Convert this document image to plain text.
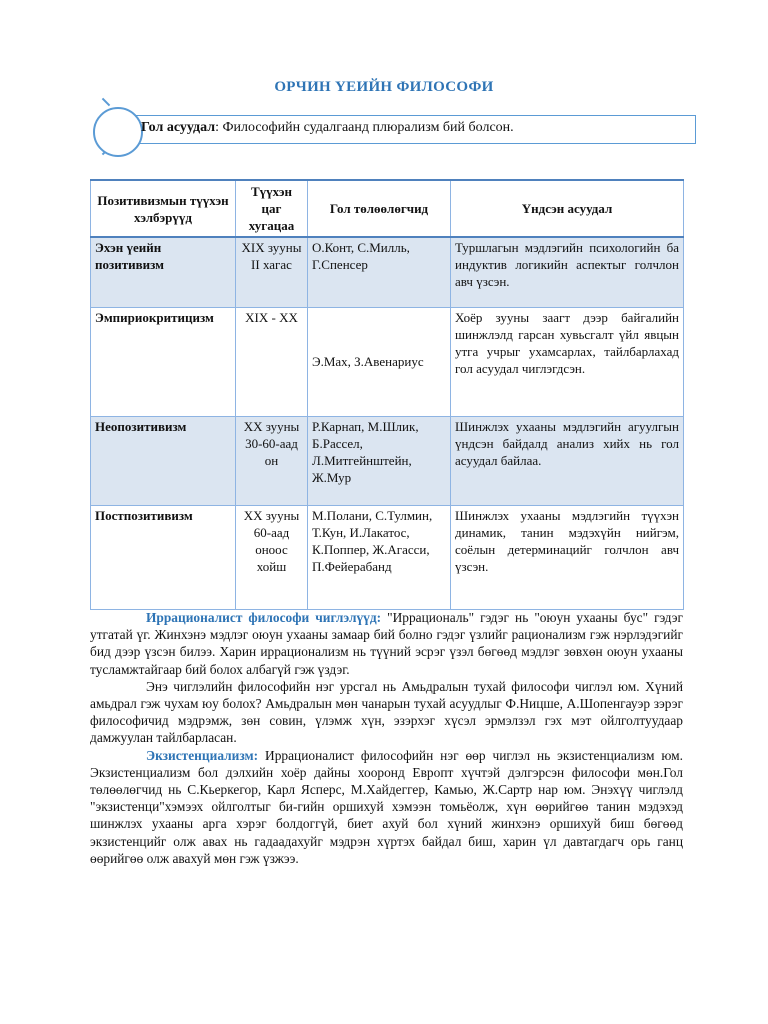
ОРЧИН ҮЕИЙН ФИЛОСОФИ
Гол асуудал: Философийн судалгаанд плюрализм бий болсон.
Позитивизмын түүхэн хэлбэрүүд	Түүхэн цаг хугацаа	Гол төлөөлөгчид	Үндсэн асуудал
Эхэн үеийн позитивизм	XIX зууны II хагас	О.Конт, С.Милль, Г.Спенсер	Туршлагын мэдлэгийн психологийн ба индуктив логикийн аспектыг голчлон авч үзсэн.
Эмпириокритицизм	XIX - XX	Э.Мах, З.Авенариус	Хоёр зууны заагт дээр байгалийн шинжлэлд гарсан хувьсгалт үйл явцын утга учрыг ухамсарлах, тайлбарлахад гол асуудал чиглэгдсэн.
Неопозитивизм	XX зууны 30-60-аад он	Р.Карнап, М.Шлик, Б.Рассел, Л.Митгейнштейн, Ж.Мур	Шинжлэх ухааны мэдлэгийн агуулгын үндсэн байдалд анализ хийх нь гол асуудал байлаа.
Постпозитивизм	XX зууны 60-аад оноос хойш	М.Полани, С.Тулмин, Т.Кун, И.Лакатос, К.Поппер, Ж.Агасси, П.Фейерабанд	Шинжлэх ухааны мэдлэгийн түүхэн динамик, танин мэдэхүйн нийгэм, соёлын детерминацийг голчлон авч үзсэн.

Иррационалист философи чиглэлүүд: "Иррациональ" гэдэг нь "оюун ухааны бус" гэдэг утгатай үг. Жинхэнэ мэдлэг оюун ухааны замаар бий болно гэдэг үзлийг рационализм гэж нэрлэдэгийг бид дээр үзсэн билээ. Харин иррационализм нь түүний эсрэг үзэл бөгөөд мэдлэг зөвхөн оюун ухааны тусламжтайгаар бий болох албагүй гэж үздэг.

Энэ чиглэлийн философийн нэг урсгал нь Амьдралын тухай философи чиглэл юм. Хүний амьдрал гэж чухам юу болох? Амьдралын мөн чанарын тухай асуудлыг Ф.Ницше, А.Шопенгауэр зэрэг философичид мэдрэмж, зөн совин, үлэмж хүн, эзэрхэг хүсэл эрмэлзэл гэх мэт ойлголтуудаар дамжуулан тайлбарласан.

Экзистенциализм: Иррационалист философийн нэг өөр чиглэл нь экзистенциализм юм. Экзистенциализм бол дэлхийн хоёр дайны хооронд Европт хүчтэй дэлгэрсэн философи мөн.Гол төлөөлөгчид нь С.Кьеркегор, Карл Ясперс, М.Хайдеггер, Камью, Ж.Сартр нар юм. Энэхүү чиглэлд "экзистенци"хэмээх ойлголтыг би-гийн оршихуй хэмээн томьёолж, хүн өөрийгөө танин мэдэхэд шинжлэх ухааны арга хэрэг болдоггүй, биет ахуй бол хүний жинхэнэ оршихуй биш бөгөөд экзистенцийг олж авах нь гадаадахуйг мэдрэн хүртэх байдал биш, харин үл давтагдагч орь ганц өөрийгөө олж авахуй мөн гэж үзжээ.
